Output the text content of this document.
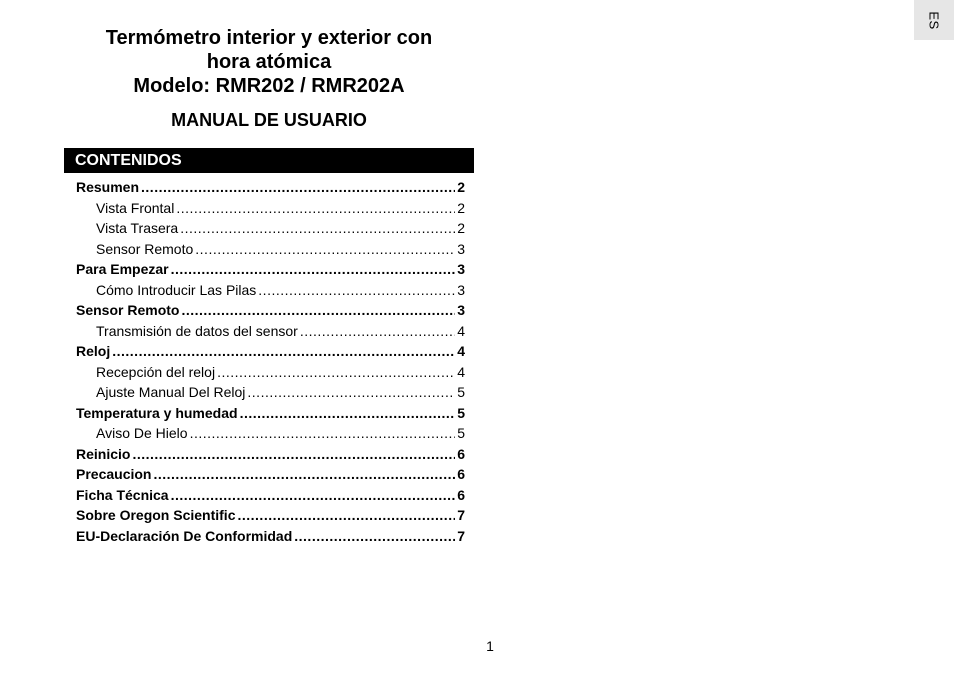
ES
Termómetro interior y exterior con
hora atómica
Modelo: RMR202 / RMR202A
MANUAL DE USUARIO
CONTENIDOS
Resumen .....	2
Vista Frontal .....	2
Vista Trasera .....	2
Sensor Remoto .....	3
Para Empezar .....	3
Cómo Introducir Las Pilas .....	3
Sensor Remoto .....	3
Transmisión de datos del sensor .....	4
Reloj .....	4
Recepción del reloj .....	4
Ajuste Manual Del Reloj .....	5
Temperatura y humedad .....	5
Aviso De Hielo .....	5
Reinicio .....	6
Precaucion .....	6
Ficha Técnica .....	6
Sobre Oregon Scientific .....	7
EU-Declaración De Conformidad .....	7
1
